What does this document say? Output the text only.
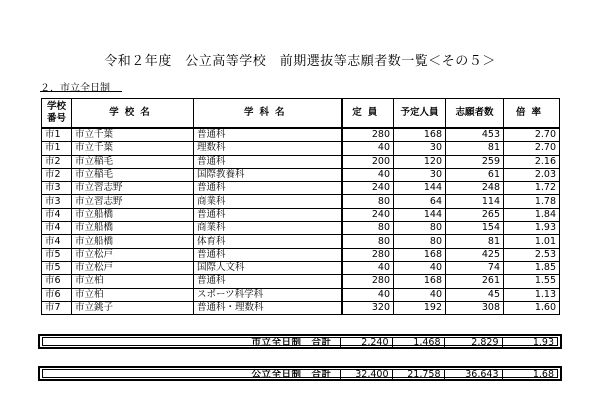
令和２年度　公立高等学校　前期選抜等志願者数一覧＜その５＞
２．市立全日制
学校
番号	学校名	学科名	定員	予定人員	志願者数	倍率
市1	市立千葉	普通科	280	168	453	2.70
市1	市立千葉	理数科	40	30	81	2.70
市2	市立稲毛	普通科	200	120	259	2.16
市2	市立稲毛	国際教養科	40	30	61	2.03
市3	市立習志野	普通科	240	144	248	1.72
市3	市立習志野	商業科	80	64	114	1.78
市4	市立船橋	普通科	240	144	265	1.84
市4	市立船橋	商業科	80	80	154	1.93
市4	市立船橋	体育科	80	80	81	1.01
市5	市立松戸	普通科	280	168	425	2.53
市5	市立松戸	国際人文科	40	40	74	1.85
市6	市立柏	普通科	280	168	261	1.55
市6	市立柏	スポーツ科学科	40	40	45	1.13
市7	市立銚子	普通科・理数科	320	192	308	1.60
市立全日制　合計	2,240	1,468	2,829	1.93
公立全日制　合計	32,400	21,758	36,643	1.68
